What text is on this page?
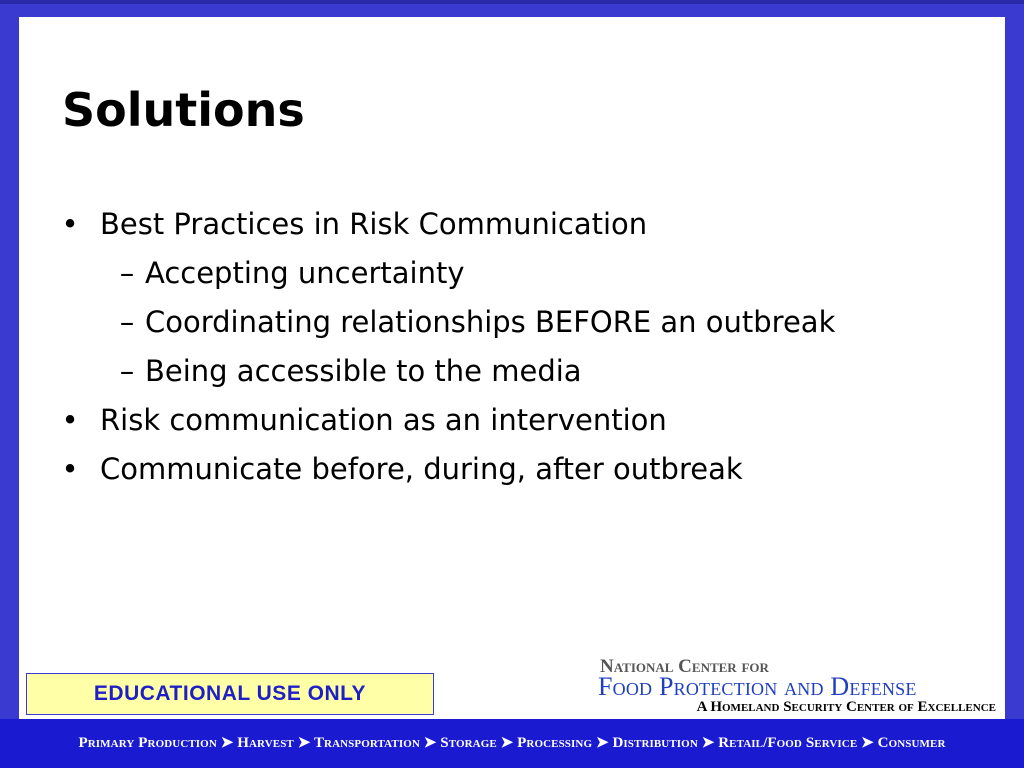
Solutions
• Best Practices in Risk Communication
– Accepting uncertainty
– Coordinating relationships BEFORE an outbreak
– Being accessible to the media
• Risk communication as an intervention
• Communicate before, during, after outbreak
EDUCATIONAL USE ONLY
National Center for
Food Protection and Defense
A Homeland Security Center of Excellence
Primary Production ➤ Harvest ➤ Transportation ➤ Storage ➤ Processing ➤ Distribution ➤ Retail/Food Service ➤ Consumer
